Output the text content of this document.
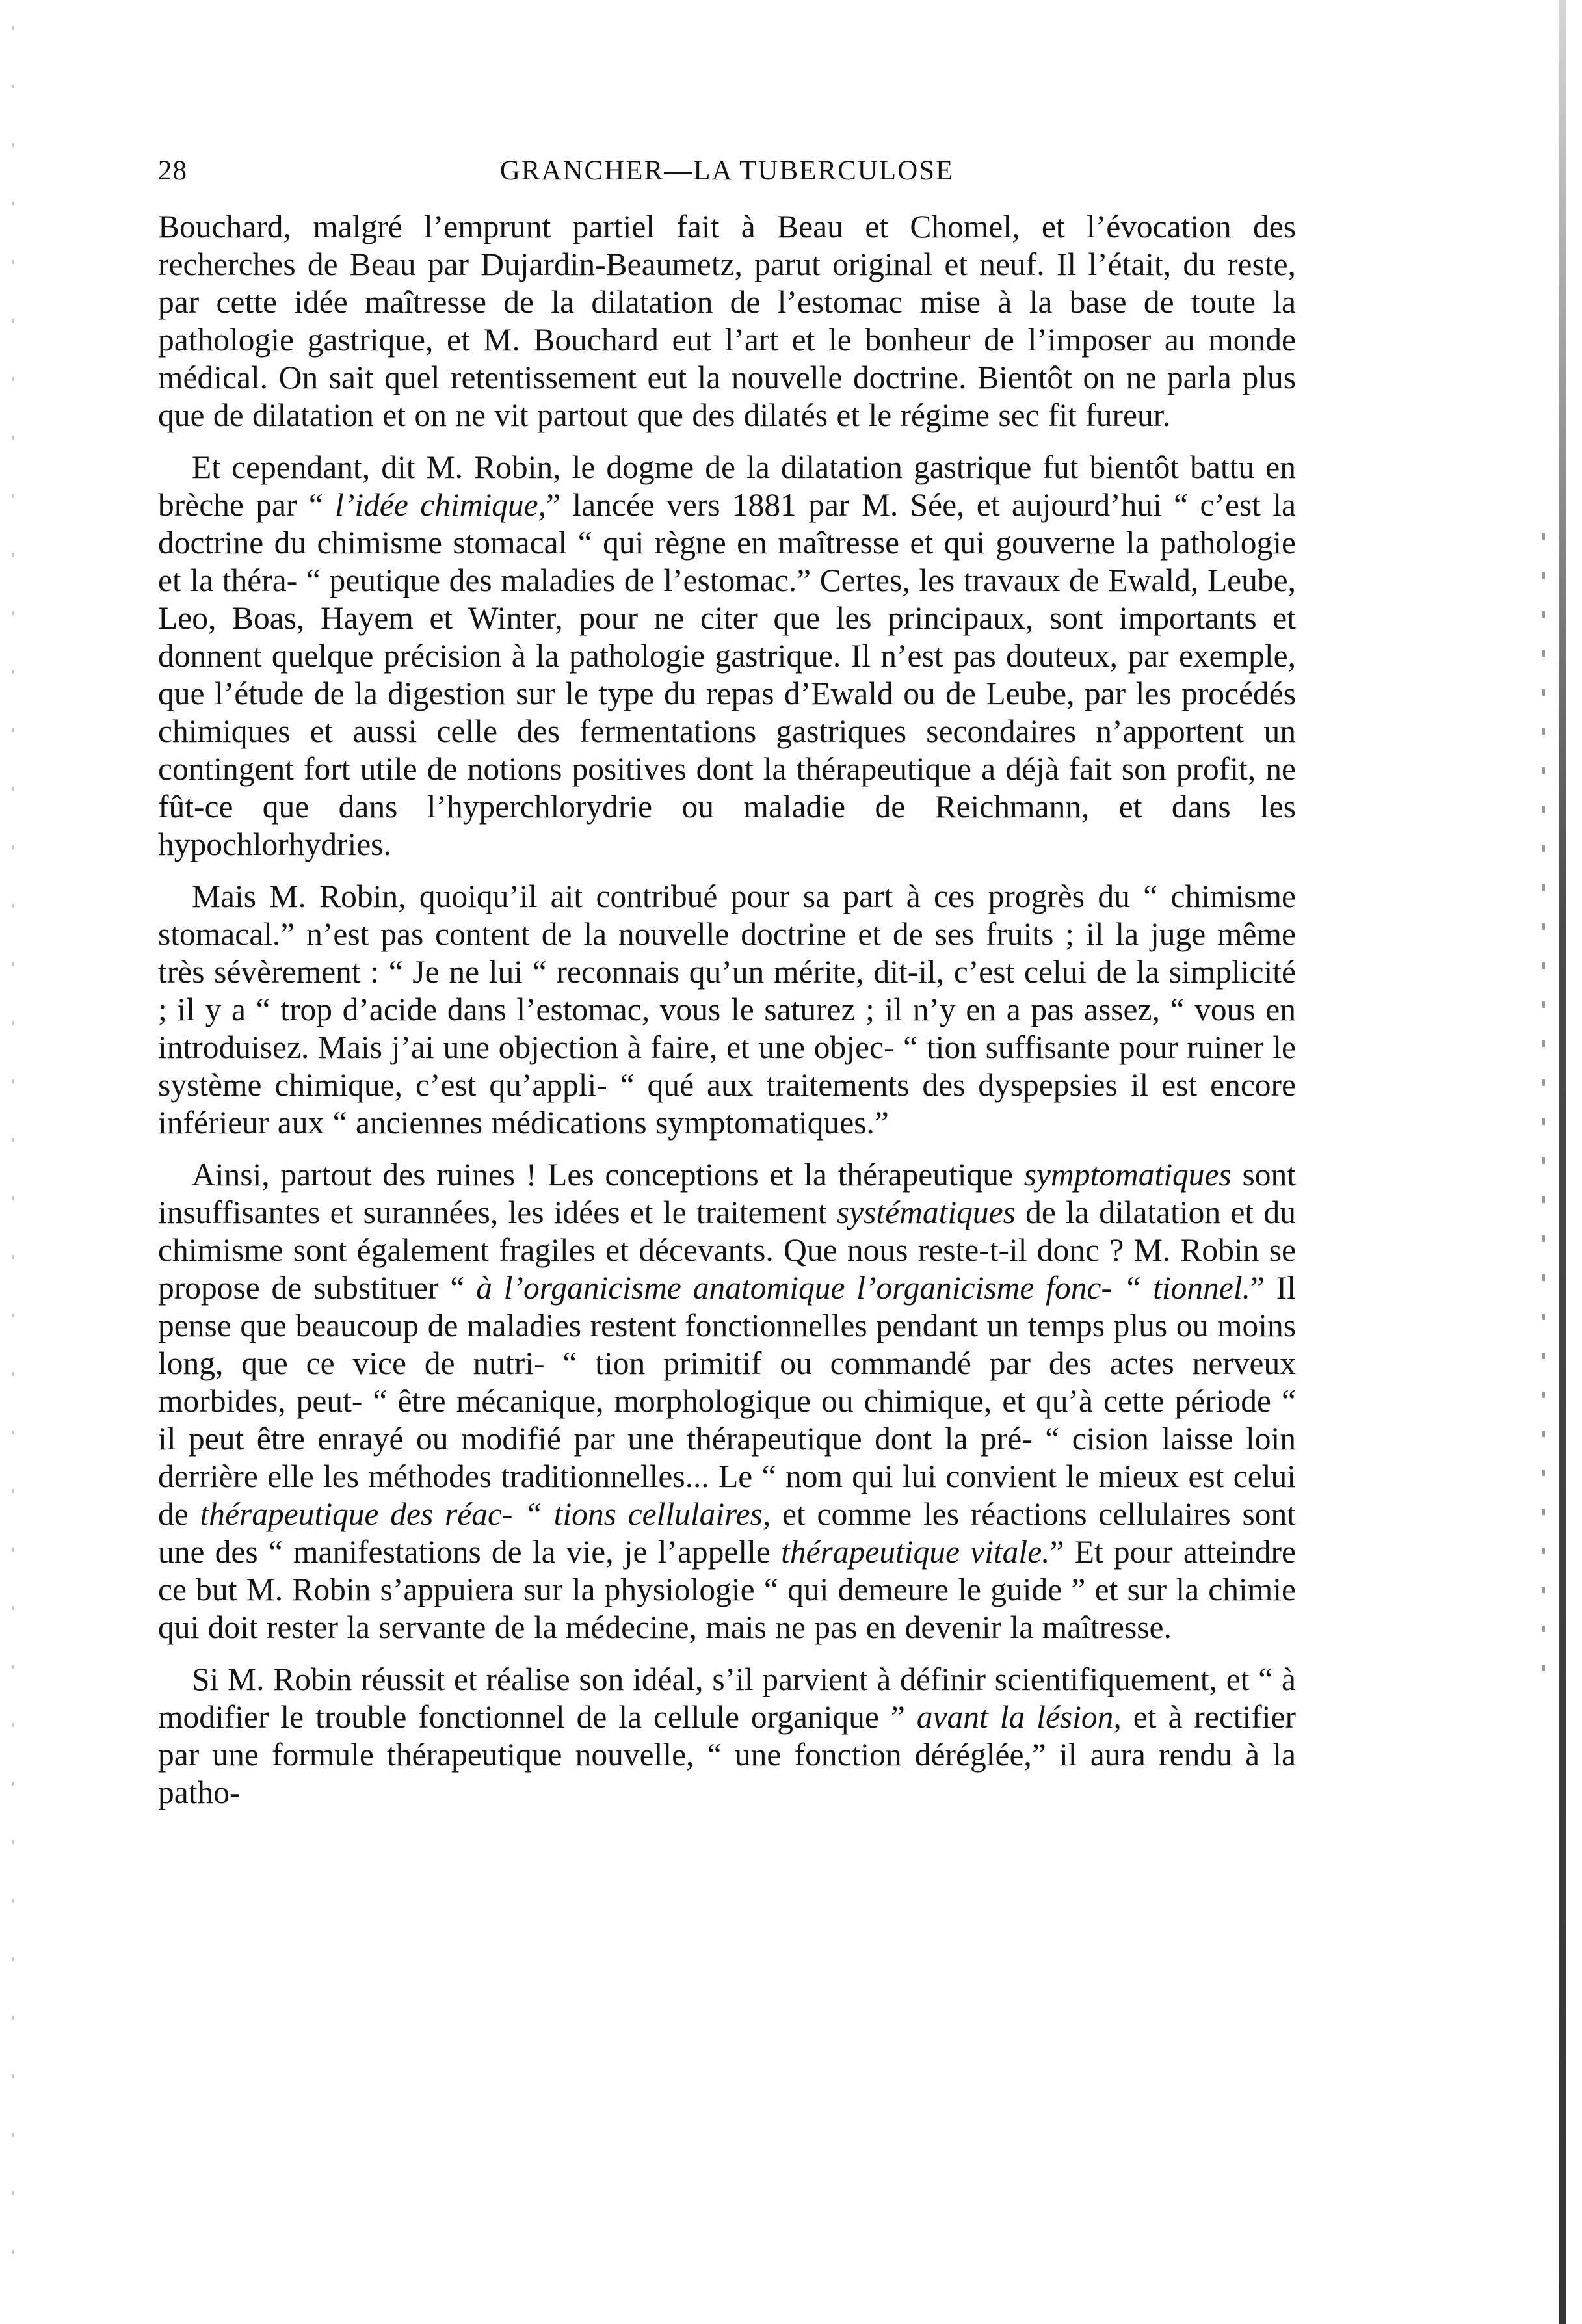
28	GRANCHER—LA TUBERCULOSE

Bouchard, malgré l’emprunt partiel fait à Beau et Chomel, et l’évocation des recherches de Beau par Dujardin-Beaumetz, parut original et neuf. Il l’était, du reste, par cette idée maîtresse de la dilatation de l’estomac mise à la base de toute la pathologie gastrique, et M. Bouchard eut l’art et le bonheur de l’imposer au monde médical. On sait quel retentissement eut la nouvelle doctrine. Bientôt on ne parla plus que de dilatation et on ne vit partout que des dilatés et le régime sec fit fureur.

Et cependant, dit M. Robin, le dogme de la dilatation gastrique fut bientôt battu en brèche par “ l’idée chimique,” lancée vers 1881 par M. Sée, et aujourd’hui “ c’est la doctrine du chimisme stomacal “ qui règne en maîtresse et qui gouverne la pathologie et la théra- “ peutique des maladies de l’estomac.” Certes, les travaux de Ewald, Leube, Leo, Boas, Hayem et Winter, pour ne citer que les principaux, sont importants et donnent quelque précision à la pathologie gastrique. Il n’est pas douteux, par exemple, que l’étude de la digestion sur le type du repas d’Ewald ou de Leube, par les procédés chimiques et aussi celle des fermentations gastriques secondaires n’apportent un contingent fort utile de notions positives dont la thérapeutique a déjà fait son profit, ne fût-ce que dans l’hyperchlorydrie ou maladie de Reichmann, et dans les hypochlorhydries.

Mais M. Robin, quoiqu’il ait contribué pour sa part à ces progrès du “ chimisme stomacal.” n’est pas content de la nouvelle doctrine et de ses fruits ; il la juge même très sévèrement : “ Je ne lui “ reconnais qu’un mérite, dit-il, c’est celui de la simplicité ; il y a “ trop d’acide dans l’estomac, vous le saturez ; il n’y en a pas assez, “ vous en introduisez. Mais j’ai une objection à faire, et une objec- “ tion suffisante pour ruiner le système chimique, c’est qu’appli- “ qué aux traitements des dyspepsies il est encore inférieur aux “ anciennes médications symptomatiques.”

Ainsi, partout des ruines ! Les conceptions et la thérapeutique symptomatiques sont insuffisantes et surannées, les idées et le traitement systématiques de la dilatation et du chimisme sont également fragiles et décevants. Que nous reste-t-il donc ? M. Robin se propose de substituer “ à l’organicisme anatomique l’organicisme fonc- “ tionnel.” Il pense que beaucoup de maladies restent fonctionnelles pendant un temps plus ou moins long, que ce vice de nutri- “ tion primitif ou commandé par des actes nerveux morbides, peut- “ être mécanique, morphologique ou chimique, et qu’à cette période “ il peut être enrayé ou modifié par une thérapeutique dont la pré- “ cision laisse loin derrière elle les méthodes traditionnelles... Le “ nom qui lui convient le mieux est celui de thérapeutique des réac- “ tions cellulaires, et comme les réactions cellulaires sont une des “ manifestations de la vie, je l’appelle thérapeutique vitale.” Et pour atteindre ce but M. Robin s’appuiera sur la physiologie “ qui demeure le guide ” et sur la chimie qui doit rester la servante de la médecine, mais ne pas en devenir la maîtresse.

Si M. Robin réussit et réalise son idéal, s’il parvient à définir scientifiquement, et “ à modifier le trouble fonctionnel de la cellule organique ” avant la lésion, et à rectifier par une formule thérapeutique nouvelle, “ une fonction déréglée,” il aura rendu à la patho-
